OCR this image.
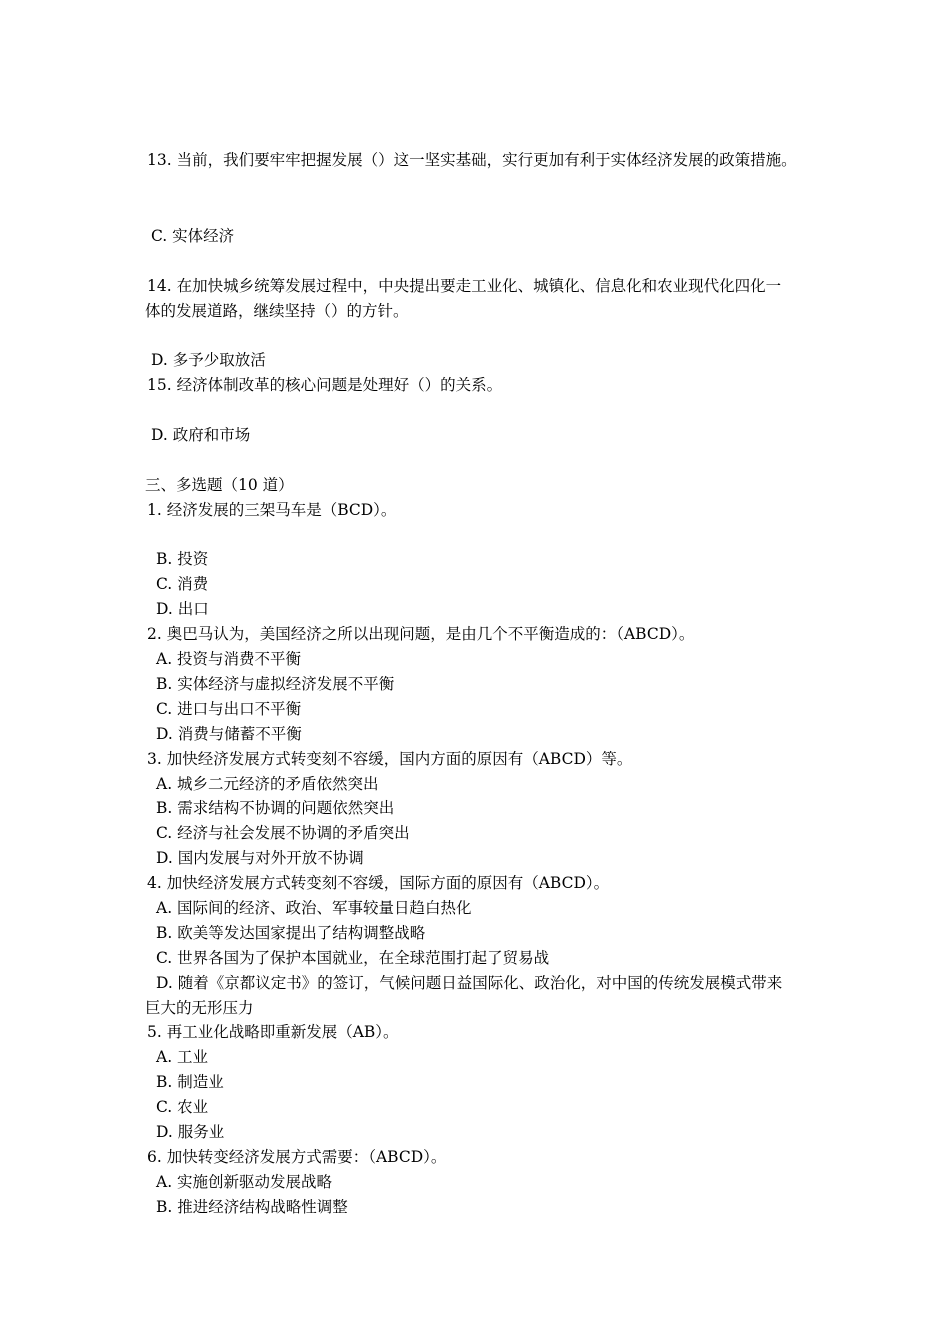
13. 当前，我们要牢牢把握发展（）这一坚实基础，实行更加有利于实体经济发展的政策措施。
C. 实体经济
14. 在加快城乡统筹发展过程中，中央提出要走工业化、城镇化、信息化和农业现代化四化一
体的发展道路，继续坚持（）的方针。
D. 多予少取放活
15. 经济体制改革的核心问题是处理好（）的关系。
D. 政府和市场
三、多选题（10 道）
1. 经济发展的三架马车是（BCD）。
B. 投资
C. 消费
D. 出口
2. 奥巴马认为，美国经济之所以出现问题，是由几个不平衡造成的：（ABCD）。
A. 投资与消费不平衡
B. 实体经济与虚拟经济发展不平衡
C. 进口与出口不平衡
D. 消费与储蓄不平衡
3. 加快经济发展方式转变刻不容缓，国内方面的原因有（ABCD）等。
A. 城乡二元经济的矛盾依然突出
B. 需求结构不协调的问题依然突出
C. 经济与社会发展不协调的矛盾突出
D. 国内发展与对外开放不协调
4. 加快经济发展方式转变刻不容缓，国际方面的原因有（ABCD）。
A. 国际间的经济、政治、军事较量日趋白热化
B. 欧美等发达国家提出了结构调整战略
C. 世界各国为了保护本国就业，在全球范围打起了贸易战
D. 随着《京都议定书》的签订，气候问题日益国际化、政治化，对中国的传统发展模式带来
巨大的无形压力
5. 再工业化战略即重新发展（AB）。
A. 工业
B. 制造业
C. 农业
D. 服务业
6. 加快转变经济发展方式需要：（ABCD）。
A. 实施创新驱动发展战略
B. 推进经济结构战略性调整
